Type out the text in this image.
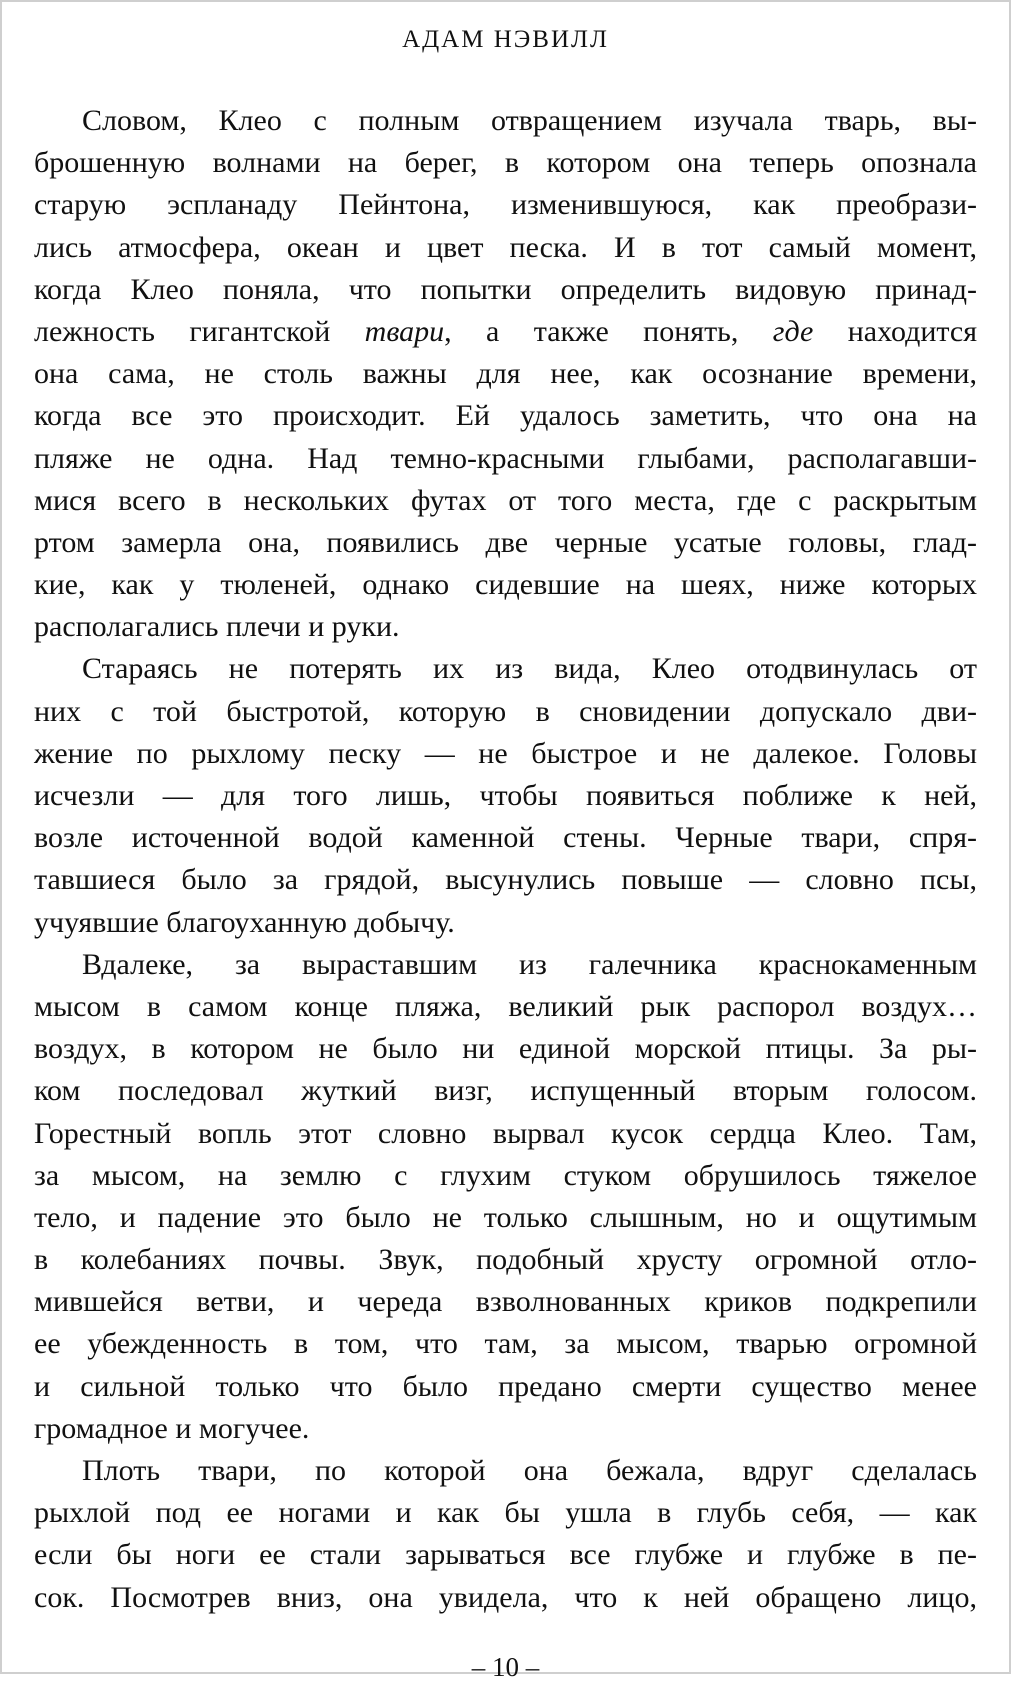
АДАМ НЭВИЛЛ
Словом, Клео с полным отвращением изучала тварь, вы-
брошенную волнами на берег, в котором она теперь опознала
старую эспланаду Пейнтона, изменившуюся, как преобрази-
лись атмосфера, океан и цвет песка. И в тот самый момент,
когда Клео поняла, что попытки определить видовую принад-
лежность гигантской твари, а также понять, где находится
она сама, не столь важны для нее, как осознание времени,
когда все это происходит. Ей удалось заметить, что она на
пляже не одна. Над темно-красными глыбами, располагавши-
мися всего в нескольких футах от того места, где с раскрытым
ртом замерла она, появились две черные усатые головы, глад-
кие, как у тюленей, однако сидевшие на шеях, ниже которых
располагались плечи и руки.
Стараясь не потерять их из вида, Клео отодвинулась от
них с той быстротой, которую в сновидении допускало дви-
жение по рыхлому песку — не быстрое и не далекое. Головы
исчезли — для того лишь, чтобы появиться поближе к ней,
возле источенной водой каменной стены. Черные твари, спря-
тавшиеся было за грядой, высунулись повыше — словно псы,
учуявшие благоуханную добычу.
Вдалеке, за выраставшим из галечника краснокаменным
мысом в самом конце пляжа, великий рык распорол воздух…
воздух, в котором не было ни единой морской птицы. За ры-
ком последовал жуткий визг, испущенный вторым голосом.
Горестный вопль этот словно вырвал кусок сердца Клео. Там,
за мысом, на землю с глухим стуком обрушилось тяжелое
тело, и падение это было не только слышным, но и ощутимым
в колебаниях почвы. Звук, подобный хрусту огромной отло-
мившейся ветви, и череда взволнованных криков подкрепили
ее убежденность в том, что там, за мысом, тварью огромной
и сильной только что было предано смерти существо менее
громадное и могучее.
Плоть твари, по которой она бежала, вдруг сделалась
рыхлой под ее ногами и как бы ушла в глубь себя, — как
если бы ноги ее стали зарываться все глубже и глубже в пе-
сок. Посмотрев вниз, она увидела, что к ней обращено лицо,
– 10 –
